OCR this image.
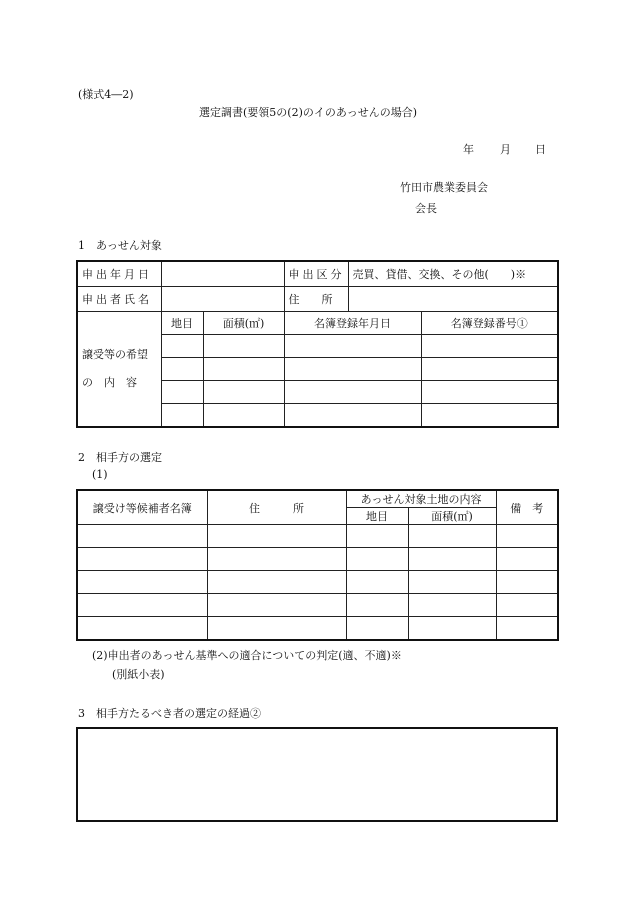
(様式4―2)
選定調書(要領5の(2)のイのあっせんの場合)
年 月 日
竹田市農業委員会
会長
1　あっせん対象
申出年月日			申出区分	売買、貸借、交換、その他(　　)※	
申出者氏名			住　　所		

譲受等の希望
の　内　容	地目	面積(㎡)	名簿登録年月日		名簿登録番号①

2　相手方の選定
(1)
譲受け等候補者名簿	住　　　所	あっせん対象土地の内容		備　考
		地目	面積(㎡)	

(2)申出者のあっせん基準への適合についての判定(適、不適)※
(別紙小表)
3　相手方たるべき者の選定の経過②
